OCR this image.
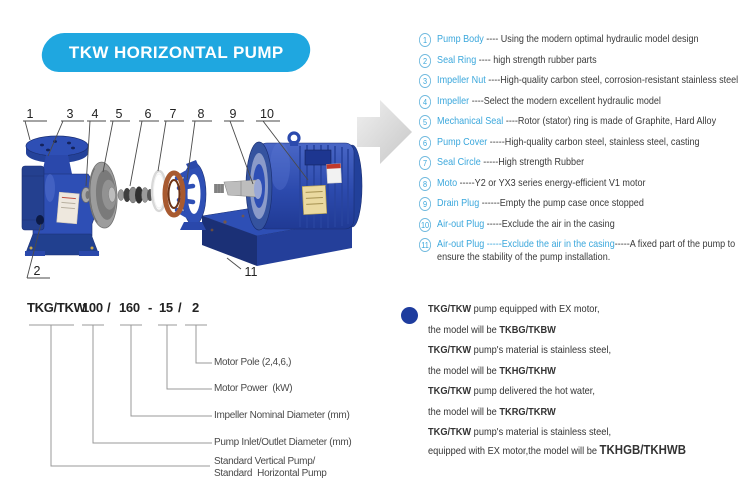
TKW HORIZONTAL PUMP
1	3 4 5 6 7 8 9 10
2	11
1 Pump Body ---- Using the modern optimal hydraulic model design
2 Seal Ring ---- high strength rubber parts
3 Impeller Nut ----High-quality carbon steel, corrosion-resistant stainless steel
4 Impeller ----Select the modern excellent hydraulic model
5 Mechanical Seal ----Rotor (stator) ring is made of Graphite, Hard Alloy
6 Pump Cover -----High-quality carbon steel, stainless steel, casting
7 Seal Circle -----High strength Rubber
8 Moto -----Y2 or YX3 series energy-efficient V1 motor
9 Drain Plug ------Empty the pump case once stopped
10 Air-out Plug -----Exclude the air in the casing
11 Air-out Plug -----Exclude the air in the casing-----A fixed part of the pump to ensure the stability of the pump installation.
TKG/TKW
100 / 160 - 15 / 2
Motor Pole (2,4,6,)
Motor Power  (kW)
Impeller Nominal Diameter (mm)
Pump Inlet/Outlet Diameter (mm)
Standard Vertical Pump/
Standard  Horizontal Pump
TKG/TKW pump equipped with EX motor,
the model will be TKBG/TKBW
TKG/TKW pump's material is stainless steel,
the model will be TKHG/TKHW
TKG/TKW pump delivered the hot water,
the model will be TKRG/TKRW
TKG/TKW pump's material is stainless steel,
equipped with EX motor,the model will be TKHGB/TKHWB
